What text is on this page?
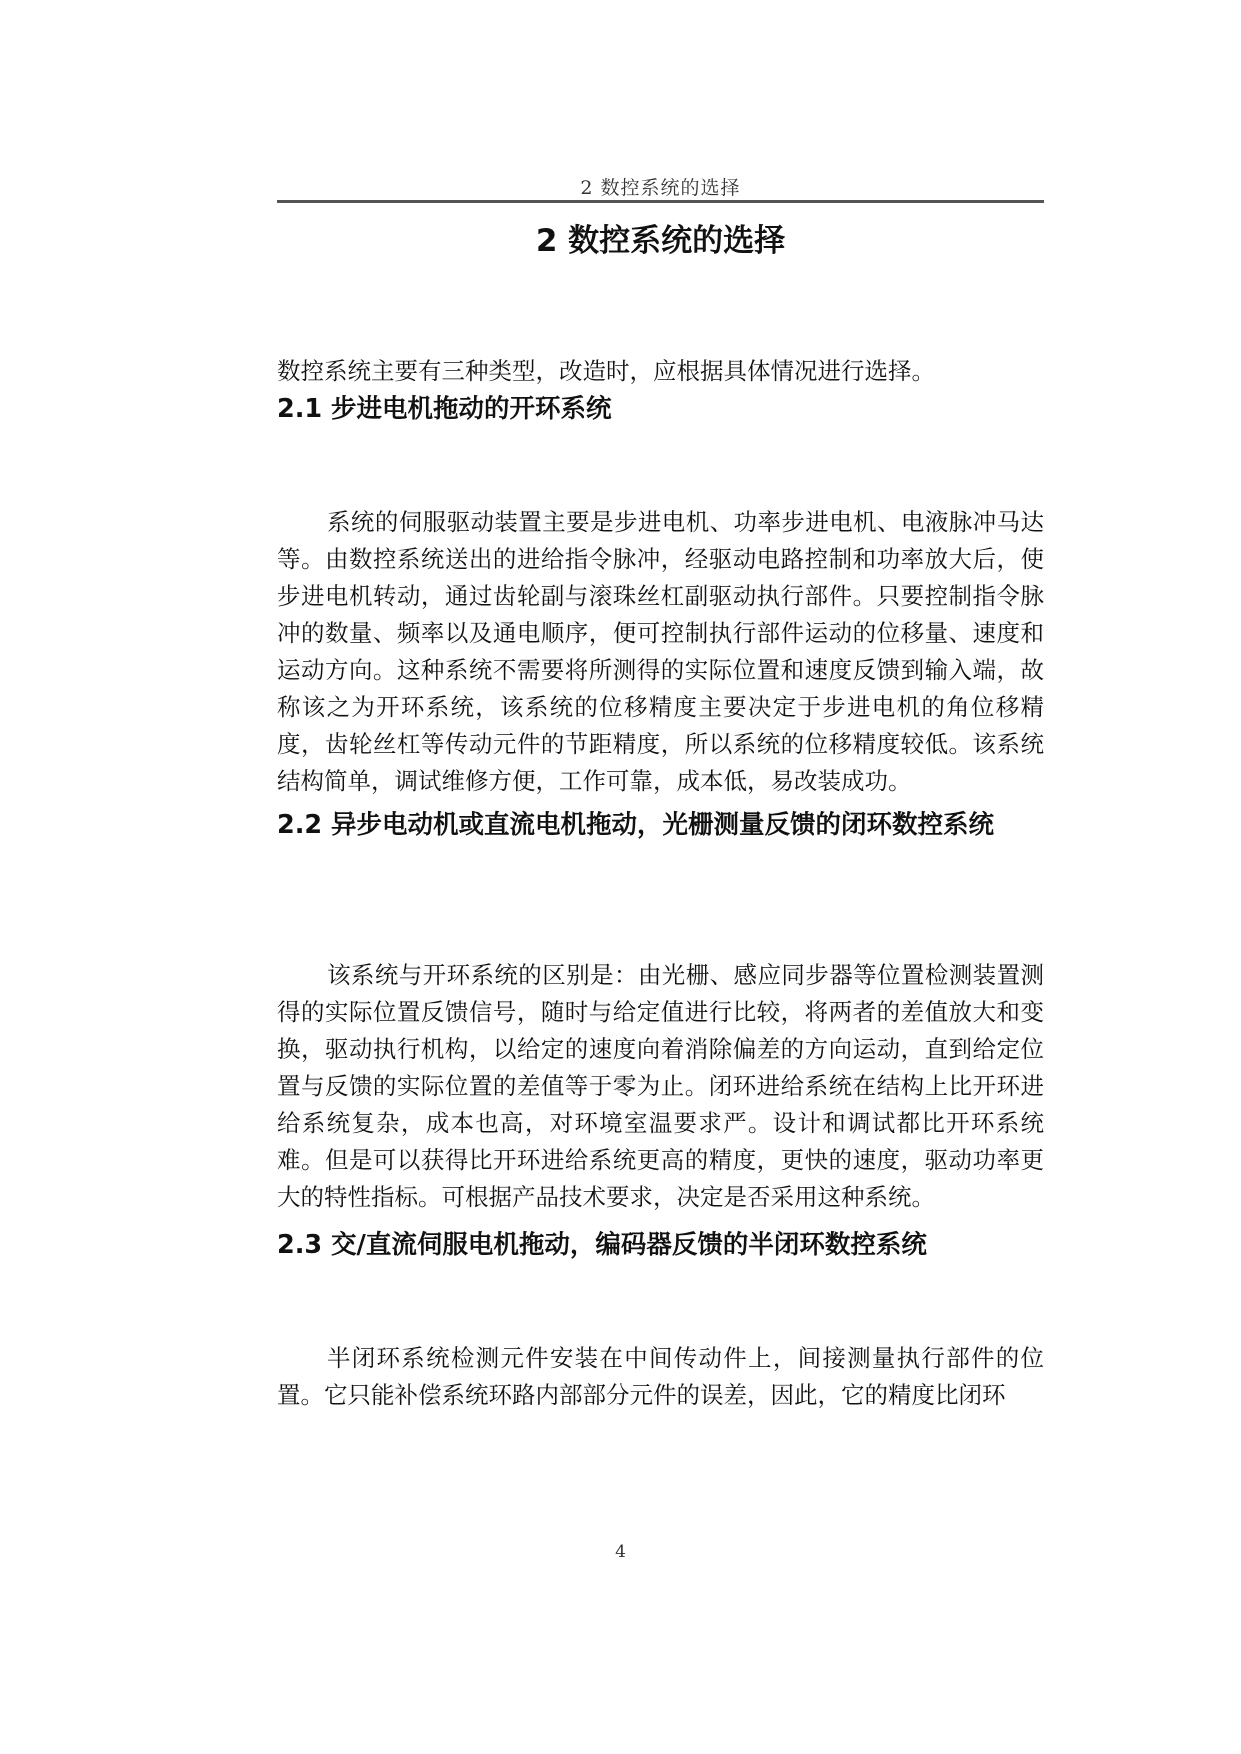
2 数控系统的选择
2 数控系统的选择

数控系统主要有三种类型，改造时，应根据具体情况进行选择。

2.1 步进电机拖动的开环系统

系统的伺服驱动装置主要是步进电机、功率步进电机、电液脉冲马达等。由数控系统送出的进给指令脉冲，经驱动电路控制和功率放大后，使步进电机转动，通过齿轮副与滚珠丝杠副驱动执行部件。只要控制指令脉冲的数量、频率以及通电顺序，便可控制执行部件运动的位移量、速度和运动方向。这种系统不需要将所测得的实际位置和速度反馈到输入端，故称该之为开环系统，该系统的位移精度主要决定于步进电机的角位移精度，齿轮丝杠等传动元件的节距精度，所以系统的位移精度较低。该系统结构简单，调试维修方便，工作可靠，成本低，易改装成功。

2.2 异步电动机或直流电机拖动，光栅测量反馈的闭环数控系统

该系统与开环系统的区别是：由光栅、感应同步器等位置检测装置测得的实际位置反馈信号，随时与给定值进行比较，将两者的差值放大和变换，驱动执行机构，以给定的速度向着消除偏差的方向运动，直到给定位置与反馈的实际位置的差值等于零为止。闭环进给系统在结构上比开环进给系统复杂，成本也高，对环境室温要求严。设计和调试都比开环系统难。但是可以获得比开环进给系统更高的精度，更快的速度，驱动功率更大的特性指标。可根据产品技术要求，决定是否采用这种系统。

2.3 交/直流伺服电机拖动，编码器反馈的半闭环数控系统

半闭环系统检测元件安装在中间传动件上，间接测量执行部件的位置。它只能补偿系统环路内部部分元件的误差，因此，它的精度比闭环

4
